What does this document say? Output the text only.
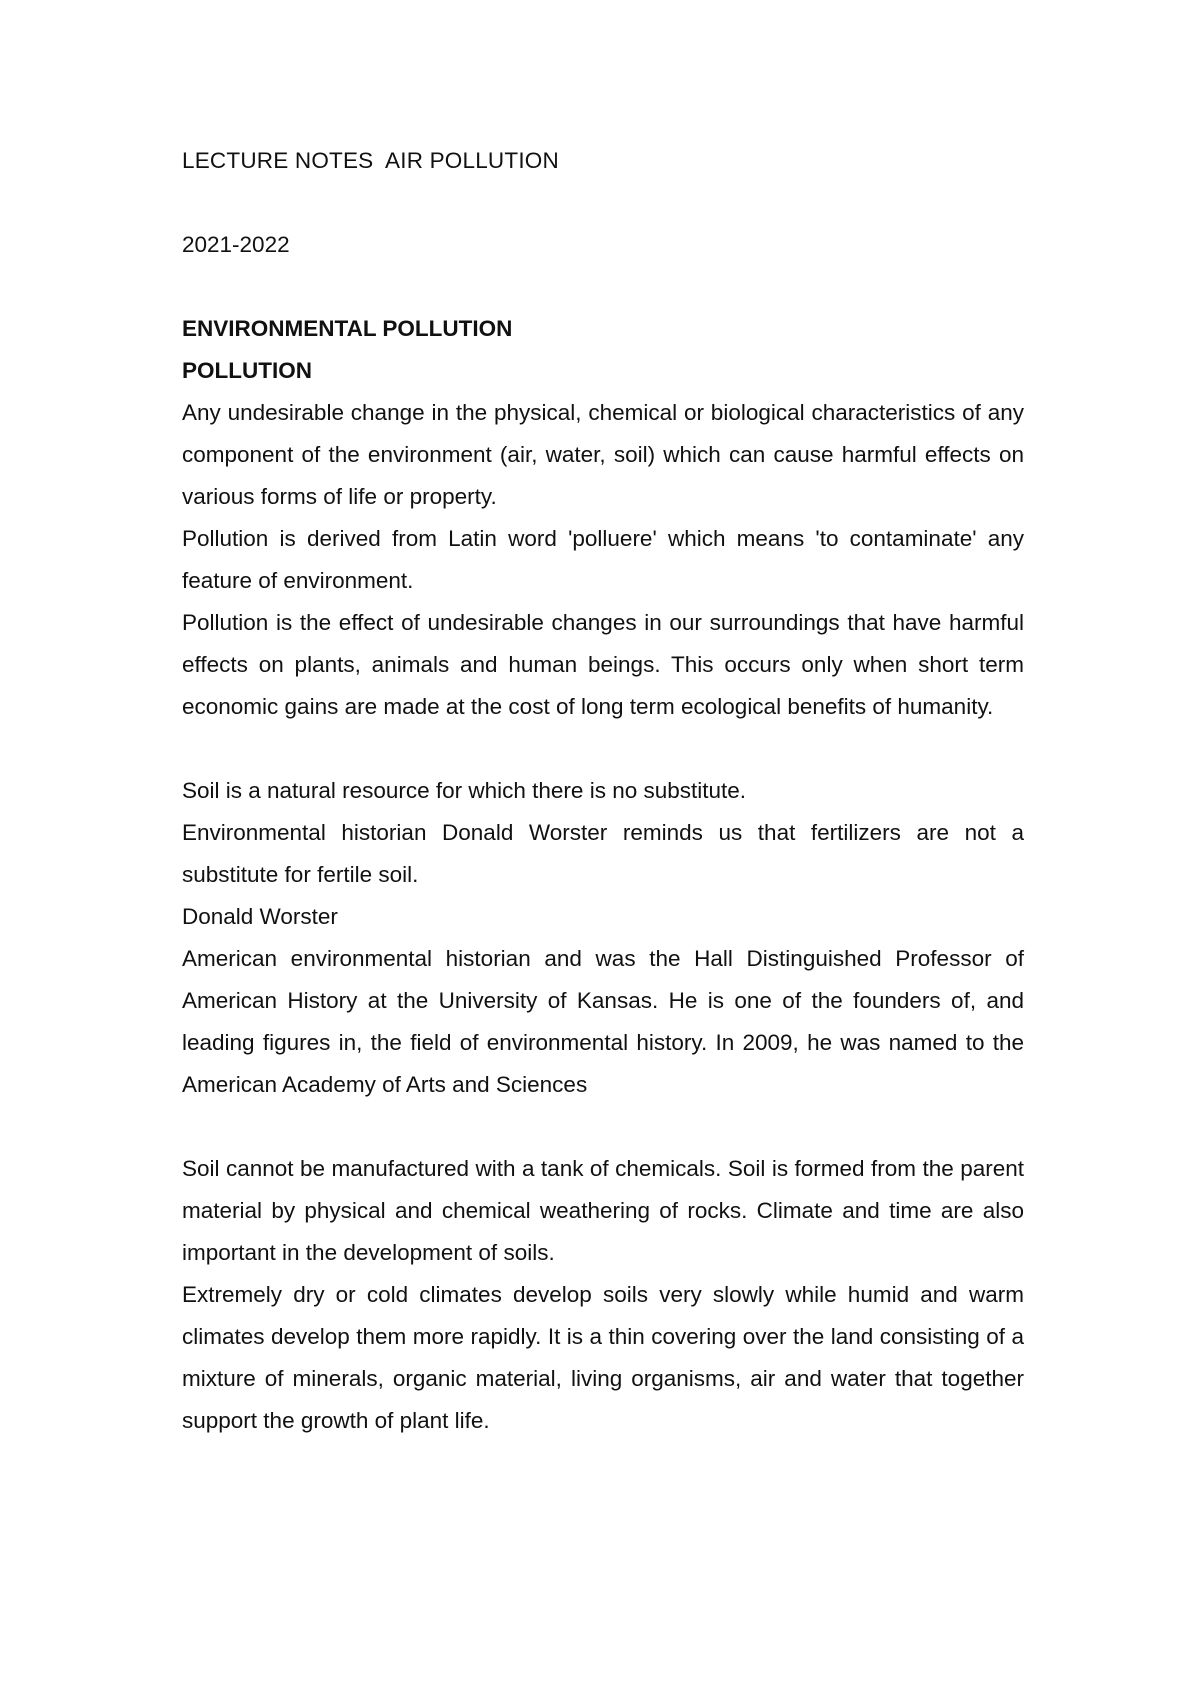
LECTURE NOTES  AIR POLLUTION

2021-2022

ENVIRONMENTAL POLLUTION

POLLUTION

Any undesirable change in the physical, chemical or biological characteristics of any component of the environment (air, water, soil) which can cause harmful effects on various forms of life or property.

Pollution is derived from Latin word 'polluere' which means 'to contaminate' any feature of environment.

Pollution is the effect of undesirable changes in our surroundings that have harmful effects on plants, animals and human beings. This occurs only when short term economic gains are made at the cost of long term ecological benefits of humanity.

Soil is a natural resource for which there is no substitute.

Environmental historian Donald Worster reminds us that fertilizers are not a substitute for fertile soil.

Donald Worster

American environmental historian and was the Hall Distinguished Professor of American History at the University of Kansas. He is one of the founders of, and leading figures in, the field of environmental history. In 2009, he was named to the American Academy of Arts and Sciences

Soil cannot be manufactured with a tank of chemicals. Soil is formed from the parent material by physical and chemical weathering of rocks. Climate and time are also important in the development of soils.

Extremely dry or cold climates develop soils very slowly while humid and warm climates develop them more rapidly. It is a thin covering over the land consisting of a mixture of minerals, organic material, living organisms, air and water that together support the growth of plant life.
